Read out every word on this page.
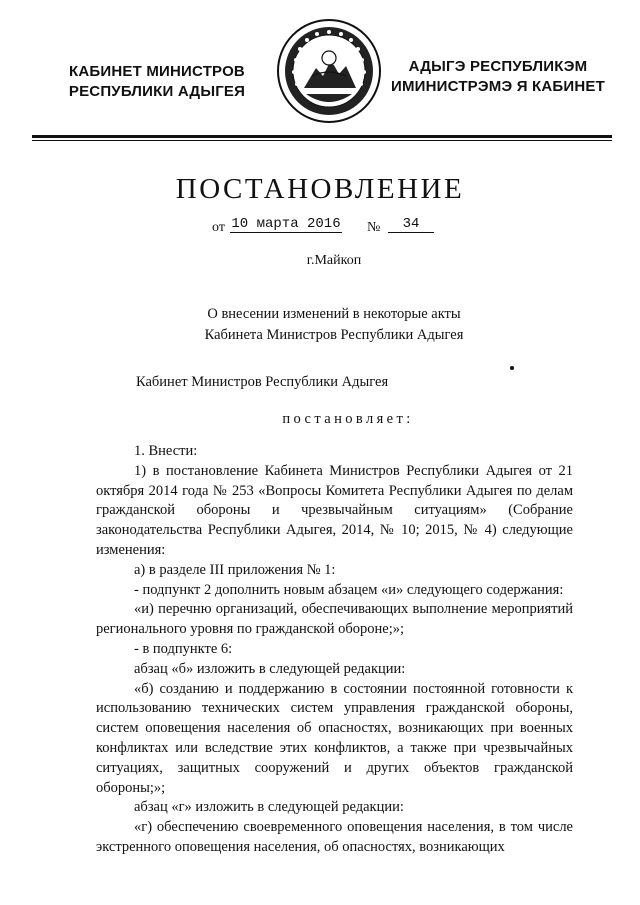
КАБИНЕТ МИНИСТРОВ
РЕСПУБЛИКИ АДЫГЕЯ
АДЫГЭ РЕСПУБЛИКЭМ
ИМИНИСТРЭМЭ Я КАБИНЕТ
ПОСТАНОВЛЕНИЕ
от 10 марта 2016 №	34
г.Майкоп
О внесении изменений в некоторые акты
Кабинета Министров Республики Адыгея
Кабинет Министров Республики Адыгея
постановляет:

1. Внести:

1) в постановление Кабинета Министров Республики Адыгея от 21 октября 2014 года № 253 «Вопросы Комитета Республики Адыгея по делам гражданской обороны и чрезвычайным ситуациям» (Собрание законодательства Республики Адыгея, 2014, № 10; 2015, № 4) следующие изменения:

а) в разделе III приложения № 1:

- подпункт 2 дополнить новым абзацем «и» следующего содержания:

«и) перечню организаций, обеспечивающих выполнение мероприятий регионального уровня по гражданской обороне;»;

- в подпункте 6:

абзац «б» изложить в следующей редакции:

«б) созданию и поддержанию в состоянии постоянной готовности к использованию технических систем управления гражданской обороны, систем оповещения населения об опасностях, возникающих при военных конфликтах или вследствие этих конфликтов, а также при чрезвычайных ситуациях, защитных сооружений и других объектов гражданской обороны;»;

абзац «г» изложить в следующей редакции:

«г) обеспечению своевременного оповещения населения, в том числе экстренного оповещения населения, об опасностях, возникающих
